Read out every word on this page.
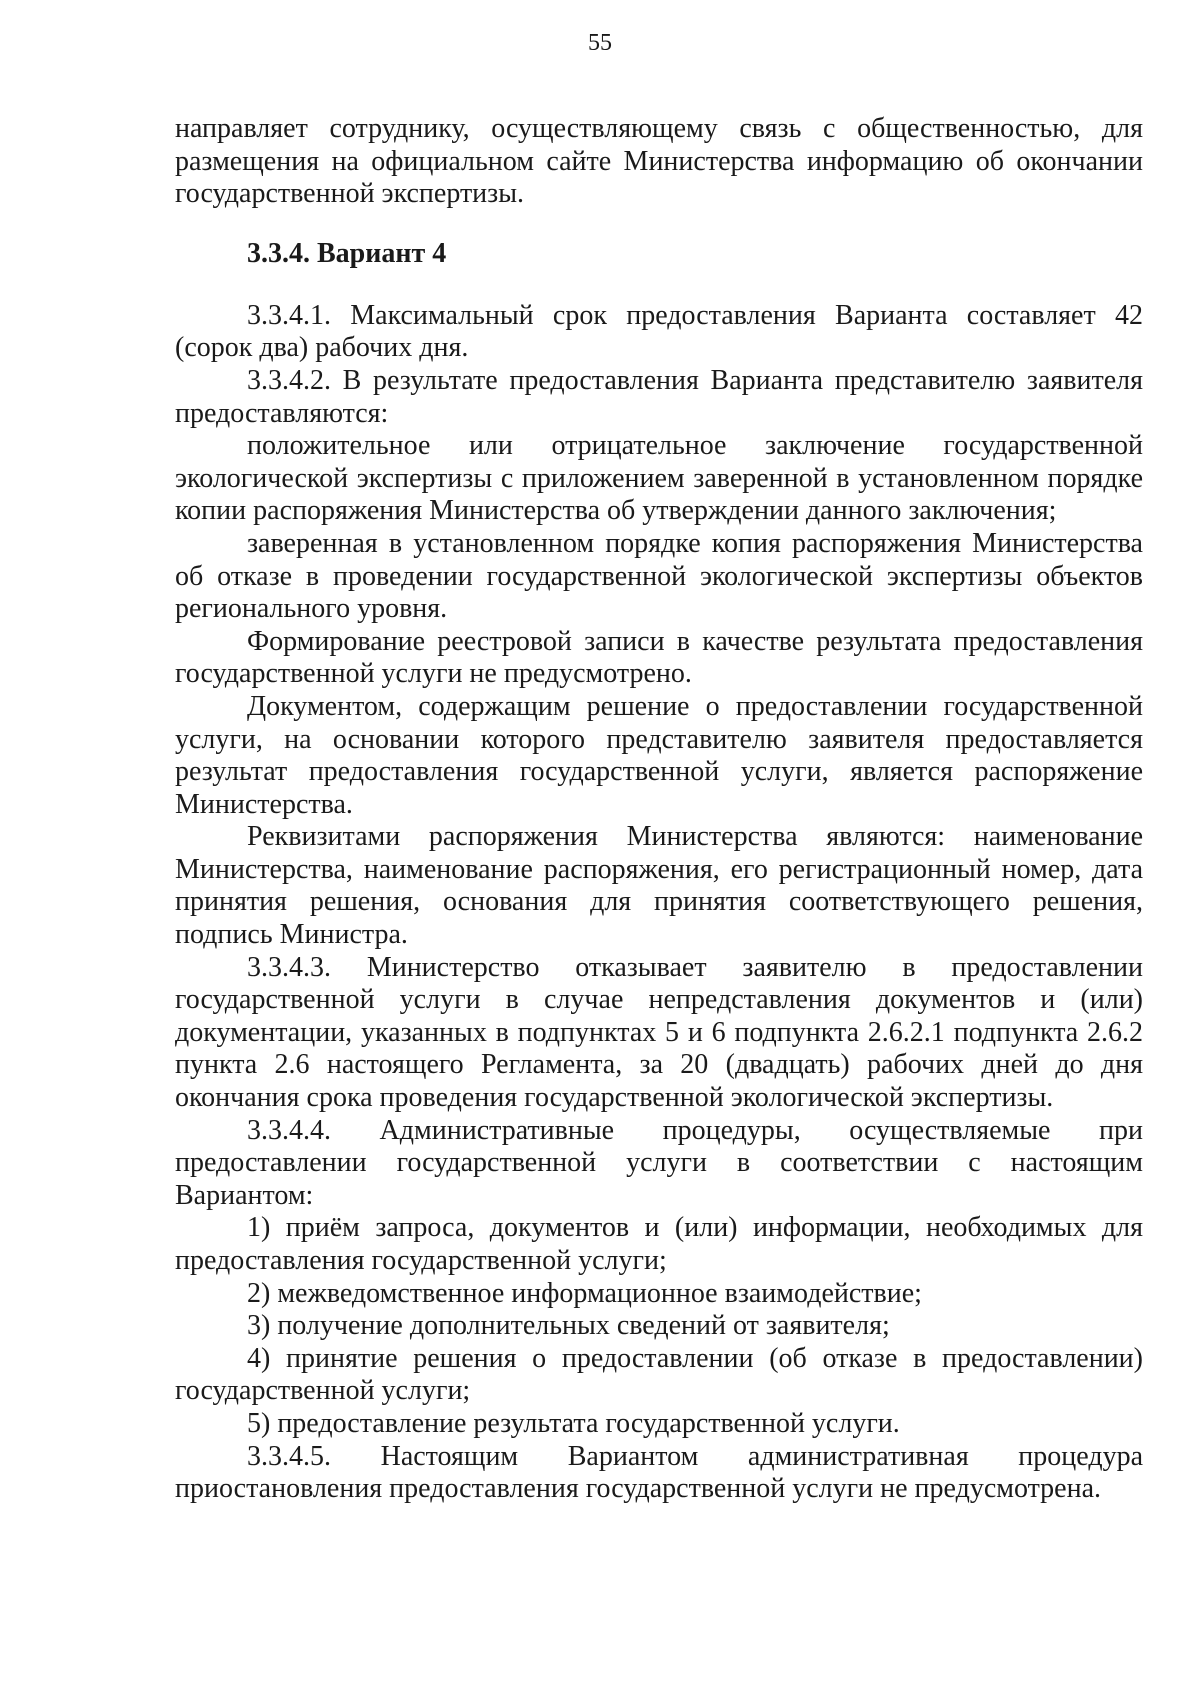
55

направляет сотруднику, осуществляющему связь с общественностью, для размещения на официальном сайте Министерства информацию об окончании государственной экспертизы.

3.3.4. Вариант 4

3.3.4.1. Максимальный срок предоставления Варианта составляет 42 (сорок два) рабочих дня.

3.3.4.2. В результате предоставления Варианта представителю заявителя предоставляются:

положительное или отрицательное заключение государственной экологической экспертизы с приложением заверенной в установленном порядке копии распоряжения Министерства об утверждении данного заключения;

заверенная в установленном порядке копия распоряжения Министерства об отказе в проведении государственной экологической экспертизы объектов регионального уровня.

Формирование реестровой записи в качестве результата предоставления государственной услуги не предусмотрено.

Документом, содержащим решение о предоставлении государственной услуги, на основании которого представителю заявителя предоставляется результат предоставления государственной услуги, является распоряжение Министерства.

Реквизитами распоряжения Министерства являются: наименование Министерства, наименование распоряжения, его регистрационный номер, дата принятия решения, основания для принятия соответствующего решения, подпись Министра.

3.3.4.3. Министерство отказывает заявителю в предоставлении государственной услуги в случае непредставления документов и (или) документации, указанных в подпунктах 5 и 6 подпункта 2.6.2.1 подпункта 2.6.2 пункта 2.6 настоящего Регламента, за 20 (двадцать) рабочих дней до дня окончания срока проведения государственной экологической экспертизы.

3.3.4.4. Административные процедуры, осуществляемые при предоставлении государственной услуги в соответствии с настоящим Вариантом:

1) приём запроса, документов и (или) информации, необходимых для предоставления государственной услуги;

2) межведомственное информационное взаимодействие;

3) получение дополнительных сведений от заявителя;

4) принятие решения о предоставлении (об отказе в предоставлении) государственной услуги;

5) предоставление результата государственной услуги.

3.3.4.5. Настоящим Вариантом административная процедура приостановления предоставления государственной услуги не предусмотрена.
